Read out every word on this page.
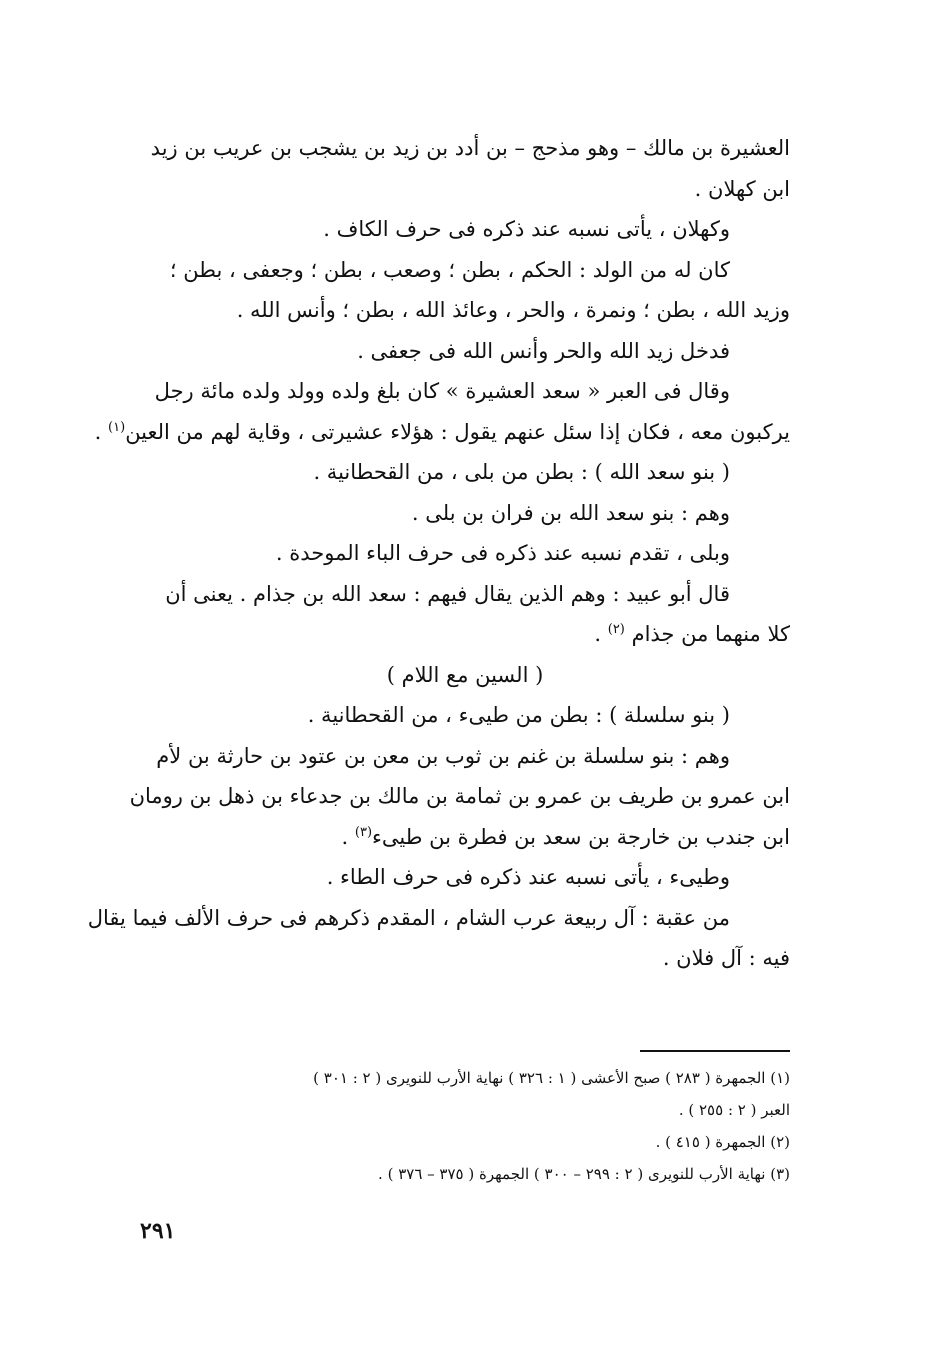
العشيرة بن مالك – وهو مذحج – بن أدد بن زيد بن يشجب بن عريب بن زيد
ابن كهلان .
وكهلان ، يأتى نسبه عند ذكره فى حرف الكاف .
كان له من الولد : الحكم ، بطن ؛ وصعب ، بطن ؛ وجعفى ، بطن ؛
وزيد الله ، بطن ؛ ونمرة ، والحر ، وعائذ الله ، بطن ؛ وأنس الله .
فدخل زيد الله والحر وأنس الله فى جعفى .
وقال فى العبر « سعد العشيرة » كان بلغ ولده وولد ولده مائة رجل
يركبون معه ، فكان إذا سئل عنهم يقول : هؤلاء عشيرتى ، وقاية لهم من العين$^{(١)}$ .
( بنو سعد الله ) : بطن من بلى ، من القحطانية .
وهم : بنو سعد الله بن فران بن بلى .
وبلى ، تقدم نسبه عند ذكره فى حرف الباء الموحدة .
قال أبو عبيد : وهم الذين يقال فيهم : سعد الله بن جذام . يعنى أن
كلا منهما من جذام $^{(٢)}$ .
( السين مع اللام )
( بنو سلسلة ) : بطن من طيىء ، من القحطانية .
وهم : بنو سلسلة بن غنم بن ثوب بن معن بن عتود بن حارثة بن لأم
ابن عمرو بن طريف بن عمرو بن ثمامة بن مالك بن جدعاء بن ذهل بن رومان
ابن جندب بن خارجة بن سعد بن فطرة بن طيىء$^{(٣)}$ .
وطيىء ، يأتى نسبه عند ذكره فى حرف الطاء .
من عقبة : آل ربيعة عرب الشام ، المقدم ذكرهم فى حرف الألف فيما يقال
فيه : آل فلان .
(١) الجمهرة ( ٢٨٣ ) صبح الأعشى ( ١ : ٣٢٦ ) نهاية الأرب للنويرى ( ٢ : ٣٠١ )
العبر ( ٢ : ٢٥٥ ) .
(٢) الجمهرة ( ٤١٥ ) .
(٣) نهاية الأرب للنويرى ( ٢ : ٢٩٩ – ٣٠٠ ) الجمهرة ( ٣٧٥ – ٣٧٦ ) .
٢٩١
